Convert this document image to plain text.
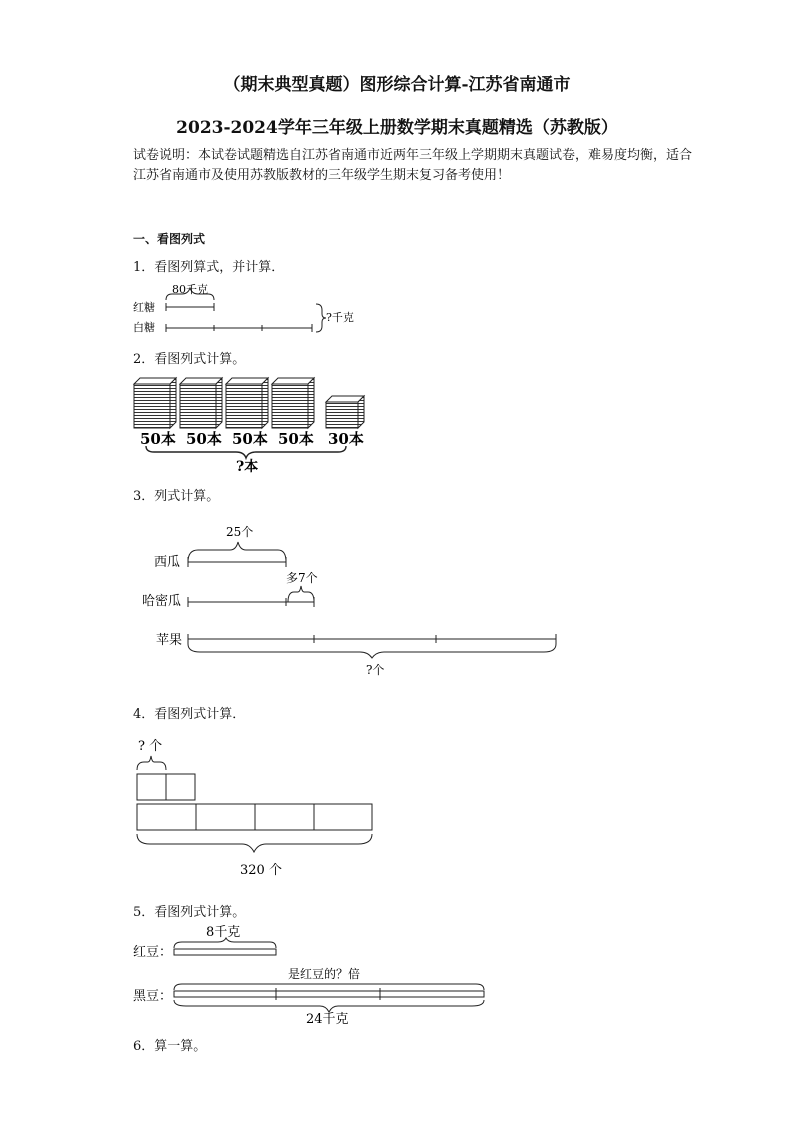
（期末典型真题）图形综合计算-江苏省南通市
2023-2024学年三年级上册数学期末真题精选（苏教版）
试卷说明：本试卷试题精选自江苏省南通市近两年三年级上学期期末真题试卷，难易度均衡，适合江苏省南通市及使用苏教版教材的三年级学生期末复习备考使用！
一、看图列式
1．看图列算式，并计算．
80千克
红糖
白糖
?千克
2．看图列式计算。
50本 50本 50本 50本 30本
?本
3．列式计算。
25个
西瓜
多7个
哈密瓜
苹果
?个
4．看图列式计算．
? 个
320 个
5．看图列式计算。
8千克
红豆：
是红豆的？倍
黑豆：
24千克
6．算一算。
